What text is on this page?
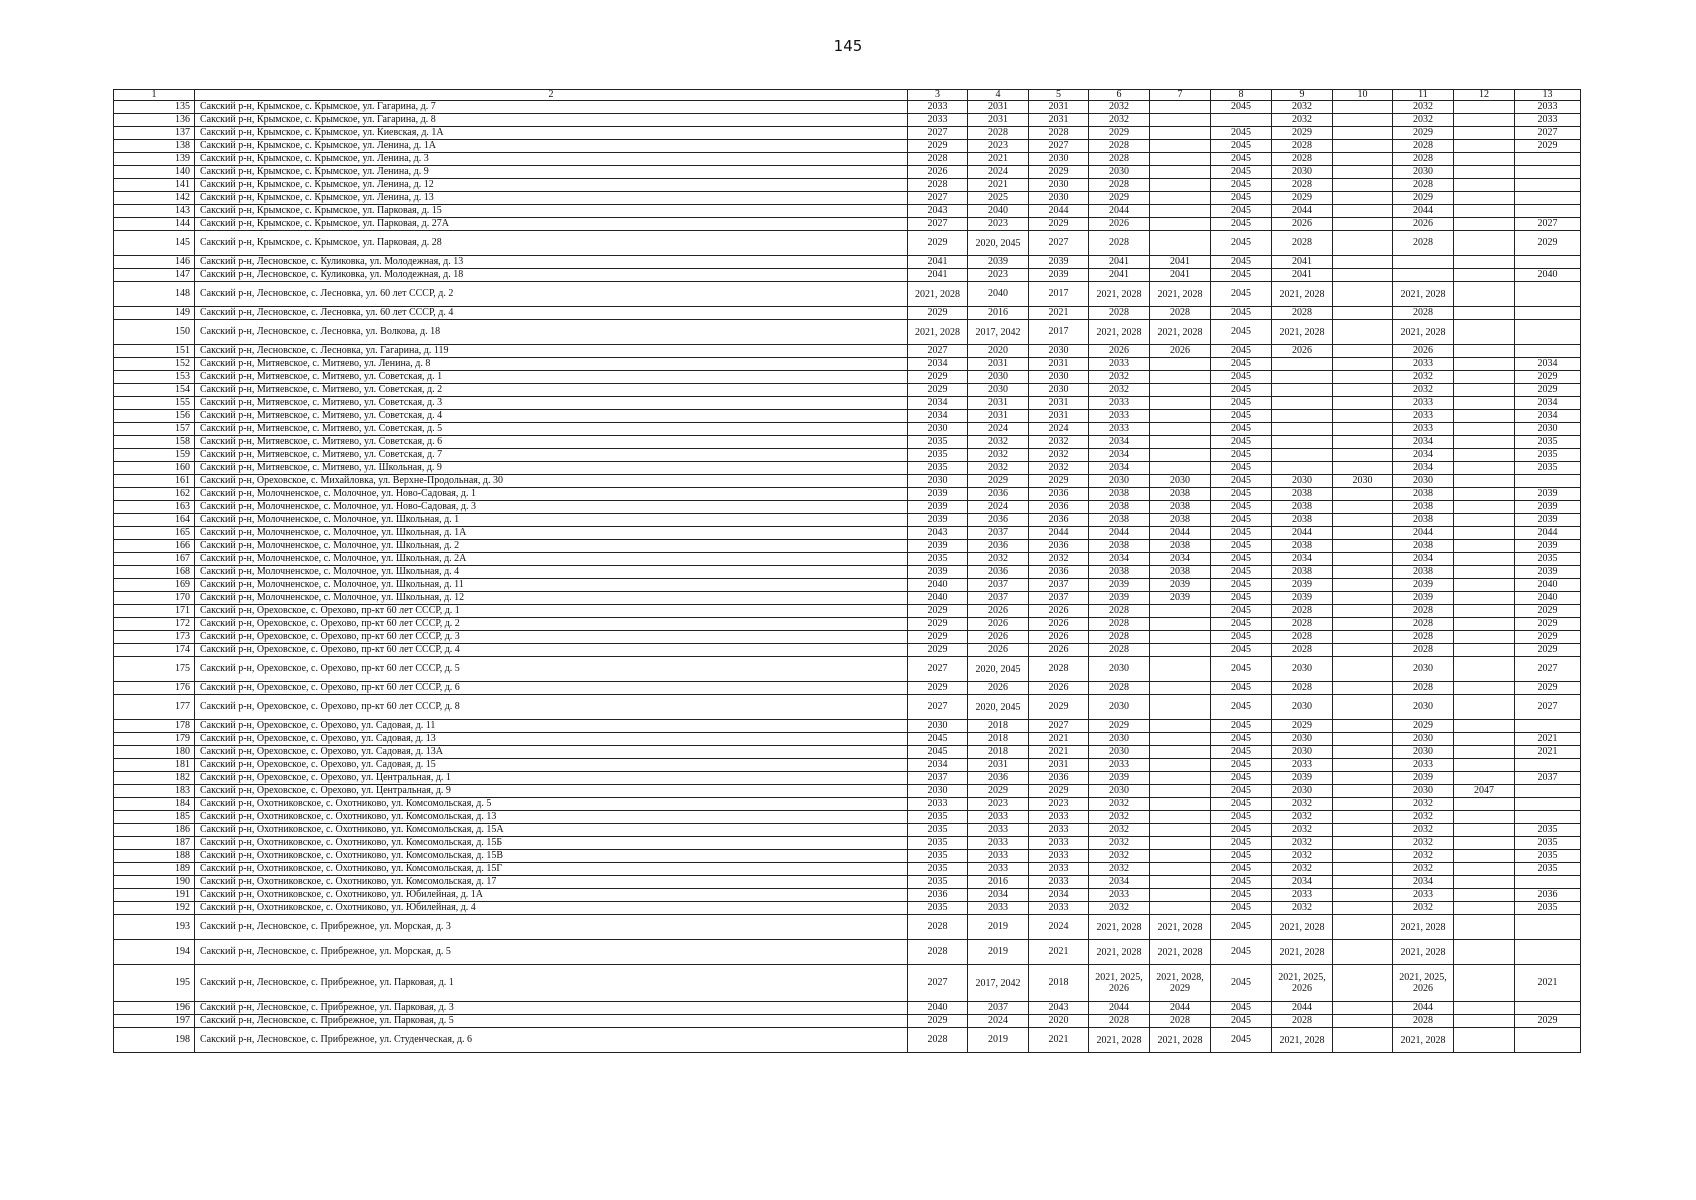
145
1	2	3	4	5	6	7	8	9	10	11	12	13
135	Сакский р-н, Крымское, с. Крымское, ул. Гагарина, д. 7	2033	2031	2031	2032		2045	2032		2032		2033
136	Сакский р-н, Крымское, с. Крымское, ул. Гагарина, д. 8	2033	2031	2031	2032			2032		2032		2033
137	Сакский р-н, Крымское, с. Крымское, ул. Киевская, д. 1А	2027	2028	2028	2029		2045	2029		2029		2027
138	Сакский р-н, Крымское, с. Крымское, ул. Ленина, д. 1А	2029	2023	2027	2028		2045	2028		2028		2029
139	Сакский р-н, Крымское, с. Крымское, ул. Ленина, д. 3	2028	2021	2030	2028		2045	2028		2028		
140	Сакский р-н, Крымское, с. Крымское, ул. Ленина, д. 9	2026	2024	2029	2030		2045	2030		2030		
141	Сакский р-н, Крымское, с. Крымское, ул. Ленина, д. 12	2028	2021	2030	2028		2045	2028		2028		
142	Сакский р-н, Крымское, с. Крымское, ул. Ленина, д. 13	2027	2025	2030	2029		2045	2029		2029		
143	Сакский р-н, Крымское, с. Крымское, ул. Парковая, д. 15	2043	2040	2044	2044		2045	2044		2044		
144	Сакский р-н, Крымское, с. Крымское, ул. Парковая, д. 27А	2027	2023	2029	2026		2045	2026		2026		2027
145	Сакский р-н, Крымское, с. Крымское, ул. Парковая, д. 28	2029	2020, 2045	2027	2028		2045	2028		2028		2029
146	Сакский р-н, Лесновское, с. Куликовка, ул. Молодежная, д. 13	2041	2039	2039	2041	2041	2045	2041				
147	Сакский р-н, Лесновское, с. Куликовка, ул. Молодежная, д. 18	2041	2023	2039	2041	2041	2045	2041				2040
148	Сакский р-н, Лесновское, с. Лесновка, ул. 60 лет СССР, д. 2	2021, 2028	2040	2017	2021, 2028	2021, 2028	2045	2021, 2028		2021, 2028		
149	Сакский р-н, Лесновское, с. Лесновка, ул. 60 лет СССР, д. 4	2029	2016	2021	2028	2028	2045	2028		2028		
150	Сакский р-н, Лесновское, с. Лесновка, ул. Волкова, д. 18	2021, 2028	2017, 2042	2017	2021, 2028	2021, 2028	2045	2021, 2028		2021, 2028		
151	Сакский р-н, Лесновское, с. Лесновка, ул. Гагарина, д. 119	2027	2020	2030	2026	2026	2045	2026		2026		
152	Сакский р-н, Митяевское, с. Митяево, ул. Ленина, д. 8	2034	2031	2031	2033		2045			2033		2034
153	Сакский р-н, Митяевское, с. Митяево, ул. Советская, д. 1	2029	2030	2030	2032		2045			2032		2029
154	Сакский р-н, Митяевское, с. Митяево, ул. Советская, д. 2	2029	2030	2030	2032		2045			2032		2029
155	Сакский р-н, Митяевское, с. Митяево, ул. Советская, д. 3	2034	2031	2031	2033		2045			2033		2034
156	Сакский р-н, Митяевское, с. Митяево, ул. Советская, д. 4	2034	2031	2031	2033		2045			2033		2034
157	Сакский р-н, Митяевское, с. Митяево, ул. Советская, д. 5	2030	2024	2024	2033		2045			2033		2030
158	Сакский р-н, Митяевское, с. Митяево, ул. Советская, д. 6	2035	2032	2032	2034		2045			2034		2035
159	Сакский р-н, Митяевское, с. Митяево, ул. Советская, д. 7	2035	2032	2032	2034		2045			2034		2035
160	Сакский р-н, Митяевское, с. Митяево, ул. Школьная, д. 9	2035	2032	2032	2034		2045			2034		2035
161	Сакский р-н, Ореховское, с. Михайловка, ул. Верхне-Продольная, д. 30	2030	2029	2029	2030	2030	2045	2030	2030	2030		
162	Сакский р-н, Молочненское, с. Молочное, ул. Ново-Садовая, д. 1	2039	2036	2036	2038	2038	2045	2038		2038		2039
163	Сакский р-н, Молочненское, с. Молочное, ул. Ново-Садовая, д. 3	2039	2024	2036	2038	2038	2045	2038		2038		2039
164	Сакский р-н, Молочненское, с. Молочное, ул. Школьная, д. 1	2039	2036	2036	2038	2038	2045	2038		2038		2039
165	Сакский р-н, Молочненское, с. Молочное, ул. Школьная, д. 1А	2043	2037	2044	2044	2044	2045	2044		2044		2044
166	Сакский р-н, Молочненское, с. Молочное, ул. Школьная, д. 2	2039	2036	2036	2038	2038	2045	2038		2038		2039
167	Сакский р-н, Молочненское, с. Молочное, ул. Школьная, д. 2А	2035	2032	2032	2034	2034	2045	2034		2034		2035
168	Сакский р-н, Молочненское, с. Молочное, ул. Школьная, д. 4	2039	2036	2036	2038	2038	2045	2038		2038		2039
169	Сакский р-н, Молочненское, с. Молочное, ул. Школьная, д. 11	2040	2037	2037	2039	2039	2045	2039		2039		2040
170	Сакский р-н, Молочненское, с. Молочное, ул. Школьная, д. 12	2040	2037	2037	2039	2039	2045	2039		2039		2040
171	Сакский р-н, Ореховское, с. Орехово, пр-кт 60 лет СССР, д. 1	2029	2026	2026	2028		2045	2028		2028		2029
172	Сакский р-н, Ореховское, с. Орехово, пр-кт 60 лет СССР, д. 2	2029	2026	2026	2028		2045	2028		2028		2029
173	Сакский р-н, Ореховское, с. Орехово, пр-кт 60 лет СССР, д. 3	2029	2026	2026	2028		2045	2028		2028		2029
174	Сакский р-н, Ореховское, с. Орехово, пр-кт 60 лет СССР, д. 4	2029	2026	2026	2028		2045	2028		2028		2029
175	Сакский р-н, Ореховское, с. Орехово, пр-кт 60 лет СССР, д. 5	2027	2020, 2045	2028	2030		2045	2030		2030		2027
176	Сакский р-н, Ореховское, с. Орехово, пр-кт 60 лет СССР, д. 6	2029	2026	2026	2028		2045	2028		2028		2029
177	Сакский р-н, Ореховское, с. Орехово, пр-кт 60 лет СССР, д. 8	2027	2020, 2045	2029	2030		2045	2030		2030		2027
178	Сакский р-н, Ореховское, с. Орехово, ул. Садовая, д. 11	2030	2018	2027	2029		2045	2029		2029		
179	Сакский р-н, Ореховское, с. Орехово, ул. Садовая, д. 13	2045	2018	2021	2030		2045	2030		2030		2021
180	Сакский р-н, Ореховское, с. Орехово, ул. Садовая, д. 13А	2045	2018	2021	2030		2045	2030		2030		2021
181	Сакский р-н, Ореховское, с. Орехово, ул. Садовая, д. 15	2034	2031	2031	2033		2045	2033		2033		
182	Сакский р-н, Ореховское, с. Орехово, ул. Центральная, д. 1	2037	2036	2036	2039		2045	2039		2039		2037
183	Сакский р-н, Ореховское, с. Орехово, ул. Центральная, д. 9	2030	2029	2029	2030		2045	2030		2030	2047	
184	Сакский р-н, Охотниковское, с. Охотниково, ул. Комсомольская, д. 5	2033	2023	2023	2032		2045	2032		2032		
185	Сакский р-н, Охотниковское, с. Охотниково, ул. Комсомольская, д. 13	2035	2033	2033	2032		2045	2032		2032		
186	Сакский р-н, Охотниковское, с. Охотниково, ул. Комсомольская, д. 15А	2035	2033	2033	2032		2045	2032		2032		2035
187	Сакский р-н, Охотниковское, с. Охотниково, ул. Комсомольская, д. 15Б	2035	2033	2033	2032		2045	2032		2032		2035
188	Сакский р-н, Охотниковское, с. Охотниково, ул. Комсомольская, д. 15В	2035	2033	2033	2032		2045	2032		2032		2035
189	Сакский р-н, Охотниковское, с. Охотниково, ул. Комсомольская, д. 15Г	2035	2033	2033	2032		2045	2032		2032		2035
190	Сакский р-н, Охотниковское, с. Охотниково, ул. Комсомольская, д. 17	2035	2016	2033	2034		2045	2034		2034		
191	Сакский р-н, Охотниковское, с. Охотниково, ул. Юбилейная, д. 1А	2036	2034	2034	2033		2045	2033		2033		2036
192	Сакский р-н, Охотниковское, с. Охотниково, ул. Юбилейная, д. 4	2035	2033	2033	2032		2045	2032		2032		2035
193	Сакский р-н, Лесновское, с. Прибрежное, ул. Морская, д. 3	2028	2019	2024	2021, 2028	2021, 2028	2045	2021, 2028		2021, 2028		
194	Сакский р-н, Лесновское, с. Прибрежное, ул. Морская, д. 5	2028	2019	2021	2021, 2028	2021, 2028	2045	2021, 2028		2021, 2028		
195	Сакский р-н, Лесновское, с. Прибрежное, ул. Парковая, д. 1	2027	2017, 2042	2018	2021, 2025, 2026	2021, 2028, 2029	2045	2021, 2025, 2026		2021, 2025, 2026		2021
196	Сакский р-н, Лесновское, с. Прибрежное, ул. Парковая, д. 3	2040	2037	2043	2044	2044	2045	2044		2044		
197	Сакский р-н, Лесновское, с. Прибрежное, ул. Парковая, д. 5	2029	2024	2020	2028	2028	2045	2028		2028		2029
198	Сакский р-н, Лесновское, с. Прибрежное, ул. Студенческая, д. 6	2028	2019	2021	2021, 2028	2021, 2028	2045	2021, 2028		2021, 2028		
